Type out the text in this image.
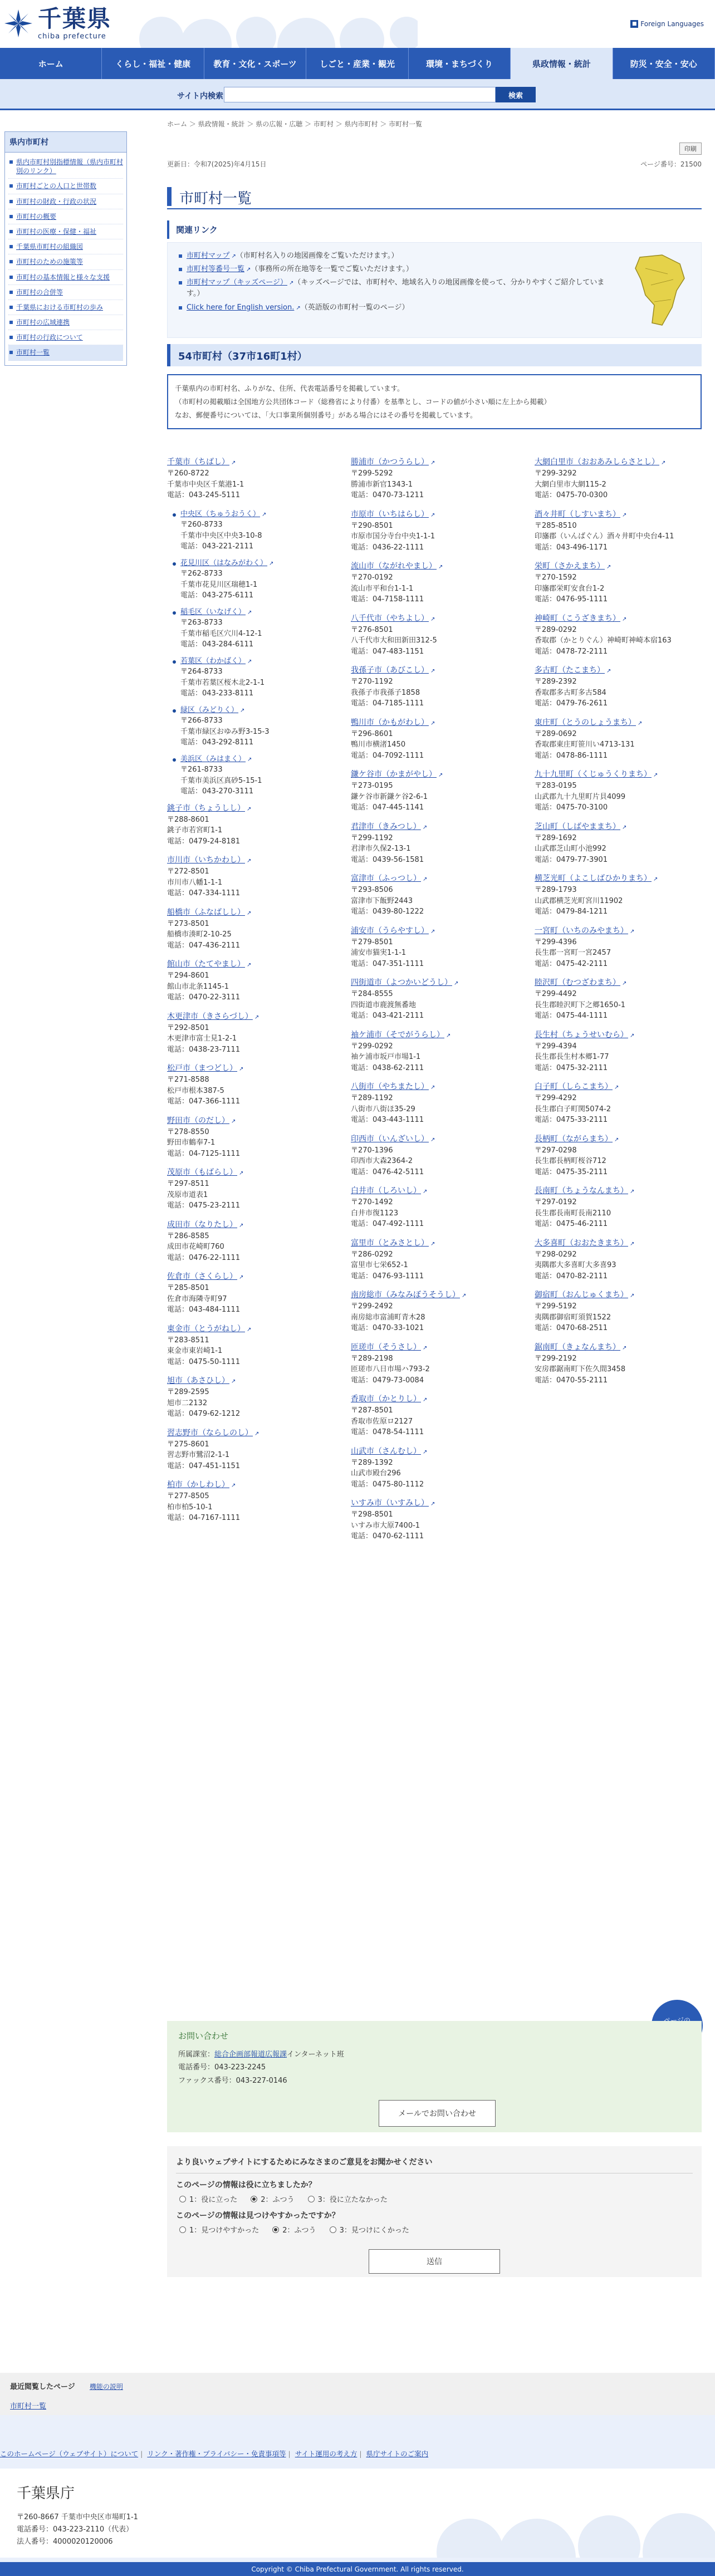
千葉県
chiba prefecture
■ Foreign Languages
ホーム	くらし・福祉・健康	教育・文化・スポーツ	しごと・産業・観光	環境・まちづくり	県政情報・統計	防災・安全・安心
サイト内検索	検索
県内市町村
県内市町村別指標情報（県内市町村別のリンク）
市町村ごとの人口と世帯数
市町村の財政・行政の状況
市町村の概要
市町村の医療・保健・福祉
千葉県市町村の組織図
市町村のための施策等
市町村の基本情報と様々な支援
市町村の合併等
千葉県における市町村の歩み
市町村の広域連携
市町村の行政について
市町村一覧
ホーム ＞ 県政情報・統計 ＞ 県の広報・広聴 ＞ 市町村 ＞ 県内市町村 ＞ 市町村一覧
印刷
更新日：令和7(2025)年4月15日	ページ番号：21500
市町村一覧
関連リンク
市町村マップ ↗ （市町村名入りの地図画像をご覧いただけます。）
市町村等番号一覧 ↗ （事務所の所在地等を一覧でご覧いただけます。）
市町村マップ（キッズページ） ↗ （キッズページでは、市町村や、地域名入りの地図画像を使って、分かりやすくご紹介しています。）
Click here for English version. ↗ （英語版の市町村一覧のページ）
54市町村（37市16町1村）
千葉県内の市町村名、ふりがな、住所、代表電話番号を掲載しています。
（市町村の掲載順は全国地方公共団体コード（総務省により付番）を基準とし、コードの値が小さい順に左上から掲載）
なお、郵便番号については、「大口事業所個別番号」がある場合にはその番号を掲載しています。
千葉市（ちばし） ↗
〒260-8722
千葉市中央区千葉港1-1
電話：043-245-5111
中央区（ちゅうおうく） ↗
〒260-8733
千葉市中央区中央3-10-8
電話：043-221-2111
花見川区（はなみがわく） ↗
〒262-8733
千葉市花見川区瑞穂1-1
電話：043-275-6111
稲毛区（いなげく） ↗
〒263-8733
千葉市稲毛区穴川4-12-1
電話：043-284-6111
若葉区（わかばく） ↗
〒264-8733
千葉市若葉区桜木北2-1-1
電話：043-233-8111
緑区（みどりく） ↗
〒266-8733
千葉市緑区おゆみ野3-15-3
電話：043-292-8111
美浜区（みはまく） ↗
〒261-8733
千葉市美浜区真砂5-15-1
電話：043-270-3111
銚子市（ちょうしし） ↗
〒288-8601
銚子市若宮町1-1
電話：0479-24-8181
市川市（いちかわし） ↗
〒272-8501
市川市八幡1-1-1
電話：047-334-1111
船橋市（ふなばしし） ↗
〒273-8501
船橋市湊町2-10-25
電話：047-436-2111
館山市（たてやまし） ↗
〒294-8601
館山市北条1145-1
電話：0470-22-3111
木更津市（きさらづし） ↗
〒292-8501
木更津市富士見1-2-1
電話：0438-23-7111
松戸市（まつどし） ↗
〒271-8588
松戸市根本387-5
電話：047-366-1111
野田市（のだし） ↗
〒278-8550
野田市鶴奉7-1
電話：04-7125-1111
茂原市（もばらし） ↗
〒297-8511
茂原市道表1
電話：0475-23-2111
成田市（なりたし） ↗
〒286-8585
成田市花崎町760
電話：0476-22-1111
佐倉市（さくらし） ↗
〒285-8501
佐倉市海隣寺町97
電話：043-484-1111
東金市（とうがねし） ↗
〒283-8511
東金市東岩崎1-1
電話：0475-50-1111
旭市（あさひし） ↗
〒289-2595
旭市二2132
電話：0479-62-1212
習志野市（ならしのし） ↗
〒275-8601
習志野市鷺沼2-1-1
電話：047-451-1151
柏市（かしわし） ↗
〒277-8505
柏市柏5-10-1
電話：04-7167-1111
勝浦市（かつうらし） ↗
〒299-5292
勝浦市新官1343-1
電話：0470-73-1211
市原市（いちはらし） ↗
〒290-8501
市原市国分寺台中央1-1-1
電話：0436-22-1111
流山市（ながれやまし） ↗
〒270-0192
流山市平和台1-1-1
電話：04-7158-1111
八千代市（やちよし） ↗
〒276-8501
八千代市大和田新田312-5
電話：047-483-1151
我孫子市（あびこし） ↗
〒270-1192
我孫子市我孫子1858
電話：04-7185-1111
鴨川市（かもがわし） ↗
〒296-8601
鴨川市横渚1450
電話：04-7092-1111
鎌ケ谷市（かまがやし） ↗
〒273-0195
鎌ケ谷市新鎌ケ谷2-6-1
電話：047-445-1141
君津市（きみつし） ↗
〒299-1192
君津市久保2-13-1
電話：0439-56-1581
富津市（ふっつし） ↗
〒293-8506
富津市下飯野2443
電話：0439-80-1222
浦安市（うらやすし） ↗
〒279-8501
浦安市猫実1-1-1
電話：047-351-1111
四街道市（よつかいどうし） ↗
〒284-8555
四街道市鹿渡無番地
電話：043-421-2111
袖ケ浦市（そでがうらし） ↗
〒299-0292
袖ケ浦市坂戸市場1-1
電話：0438-62-2111
八街市（やちまたし） ↗
〒289-1192
八街市八街ほ35-29
電話：043-443-1111
印西市（いんざいし） ↗
〒270-1396
印西市大森2364-2
電話：0476-42-5111
白井市（しろいし） ↗
〒270-1492
白井市復1123
電話：047-492-1111
富里市（とみさとし） ↗
〒286-0292
富里市七栄652-1
電話：0476-93-1111
南房総市（みなみぼうそうし） ↗
〒299-2492
南房総市富浦町青木28
電話：0470-33-1021
匝瑳市（そうさし） ↗
〒289-2198
匝瑳市八日市場ハ793-2
電話：0479-73-0084
香取市（かとりし） ↗
〒287-8501
香取市佐原ロ2127
電話：0478-54-1111
山武市（さんむし） ↗
〒289-1392
山武市殿台296
電話：0475-80-1112
いすみ市（いすみし） ↗
〒298-8501
いすみ市大原7400-1
電話：0470-62-1111
大網白里市（おおあみしらさとし） ↗
〒299-3292
大網白里市大網115-2
電話：0475-70-0300
酒々井町（しすいまち） ↗
〒285-8510
印旛郡（いんばぐん）酒々井町中央台4-11
電話：043-496-1171
栄町（さかえまち） ↗
〒270-1592
印旛郡栄町安食台1-2
電話：0476-95-1111
神崎町（こうざきまち） ↗
〒289-0292
香取郡（かとりぐん）神崎町神崎本宿163
電話：0478-72-2111
多古町（たこまち） ↗
〒289-2392
香取郡多古町多古584
電話：0479-76-2611
東庄町（とうのしょうまち） ↗
〒289-0692
香取郡東庄町笹川い4713-131
電話：0478-86-1111
九十九里町（くじゅうくりまち） ↗
〒283-0195
山武郡九十九里町片貝4099
電話：0475-70-3100
芝山町（しばやままち） ↗
〒289-1692
山武郡芝山町小池992
電話：0479-77-3901
横芝光町（よこしばひかりまち） ↗
〒289-1793
山武郡横芝光町宮川11902
電話：0479-84-1211
一宮町（いちのみやまち） ↗
〒299-4396
長生郡一宮町一宮2457
電話：0475-42-2111
睦沢町（むつざわまち） ↗
〒299-4492
長生郡睦沢町下之郷1650-1
電話：0475-44-1111
長生村（ちょうせいむら） ↗
〒299-4394
長生郡長生村本郷1-77
電話：0475-32-2111
白子町（しらこまち） ↗
〒299-4292
長生郡白子町関5074-2
電話：0475-33-2111
長柄町（ながらまち） ↗
〒297-0298
長生郡長柄町桜谷712
電話：0475-35-2111
長南町（ちょうなんまち） ↗
〒297-0192
長生郡長南町長南2110
電話：0475-46-2111
大多喜町（おおたきまち） ↗
〒298-0292
夷隅郡大多喜町大多喜93
電話：0470-82-2111
御宿町（おんじゅくまち） ↗
〒299-5192
夷隅郡御宿町須賀1522
電話：0470-68-2511
鋸南町（きょなんまち） ↗
〒299-2192
安房郡鋸南町下佐久間3458
電話：0470-55-2111
お問い合わせ
所属課室：総合企画部報道広報課インターネット班
電話番号：043-223-2245
ファックス番号：043-227-0146
メールでお問い合わせ
より良いウェブサイトにするためにみなさまのご意見をお聞かせください
このページの情報は役に立ちましたか？
1：役に立った	2：ふつう	3：役に立たなかった
このページの情報は見つけやすかったですか？
1：見つけやすかった	2：ふつう	3：見つけにくかった
送信
最近閲覧したページ 機能の説明
市町村一覧
このホームページ（ウェブサイト）について | リンク・著作権・プライバシー・免責事項等 | サイト運用の考え方 | 県庁サイトのご案内
千葉県庁
〒260-8667 千葉市中央区市場町1-1
電話番号：043-223-2110（代表）
法人番号：4000020120006
Copyright © Chiba Prefectural Government. All rights reserved.
